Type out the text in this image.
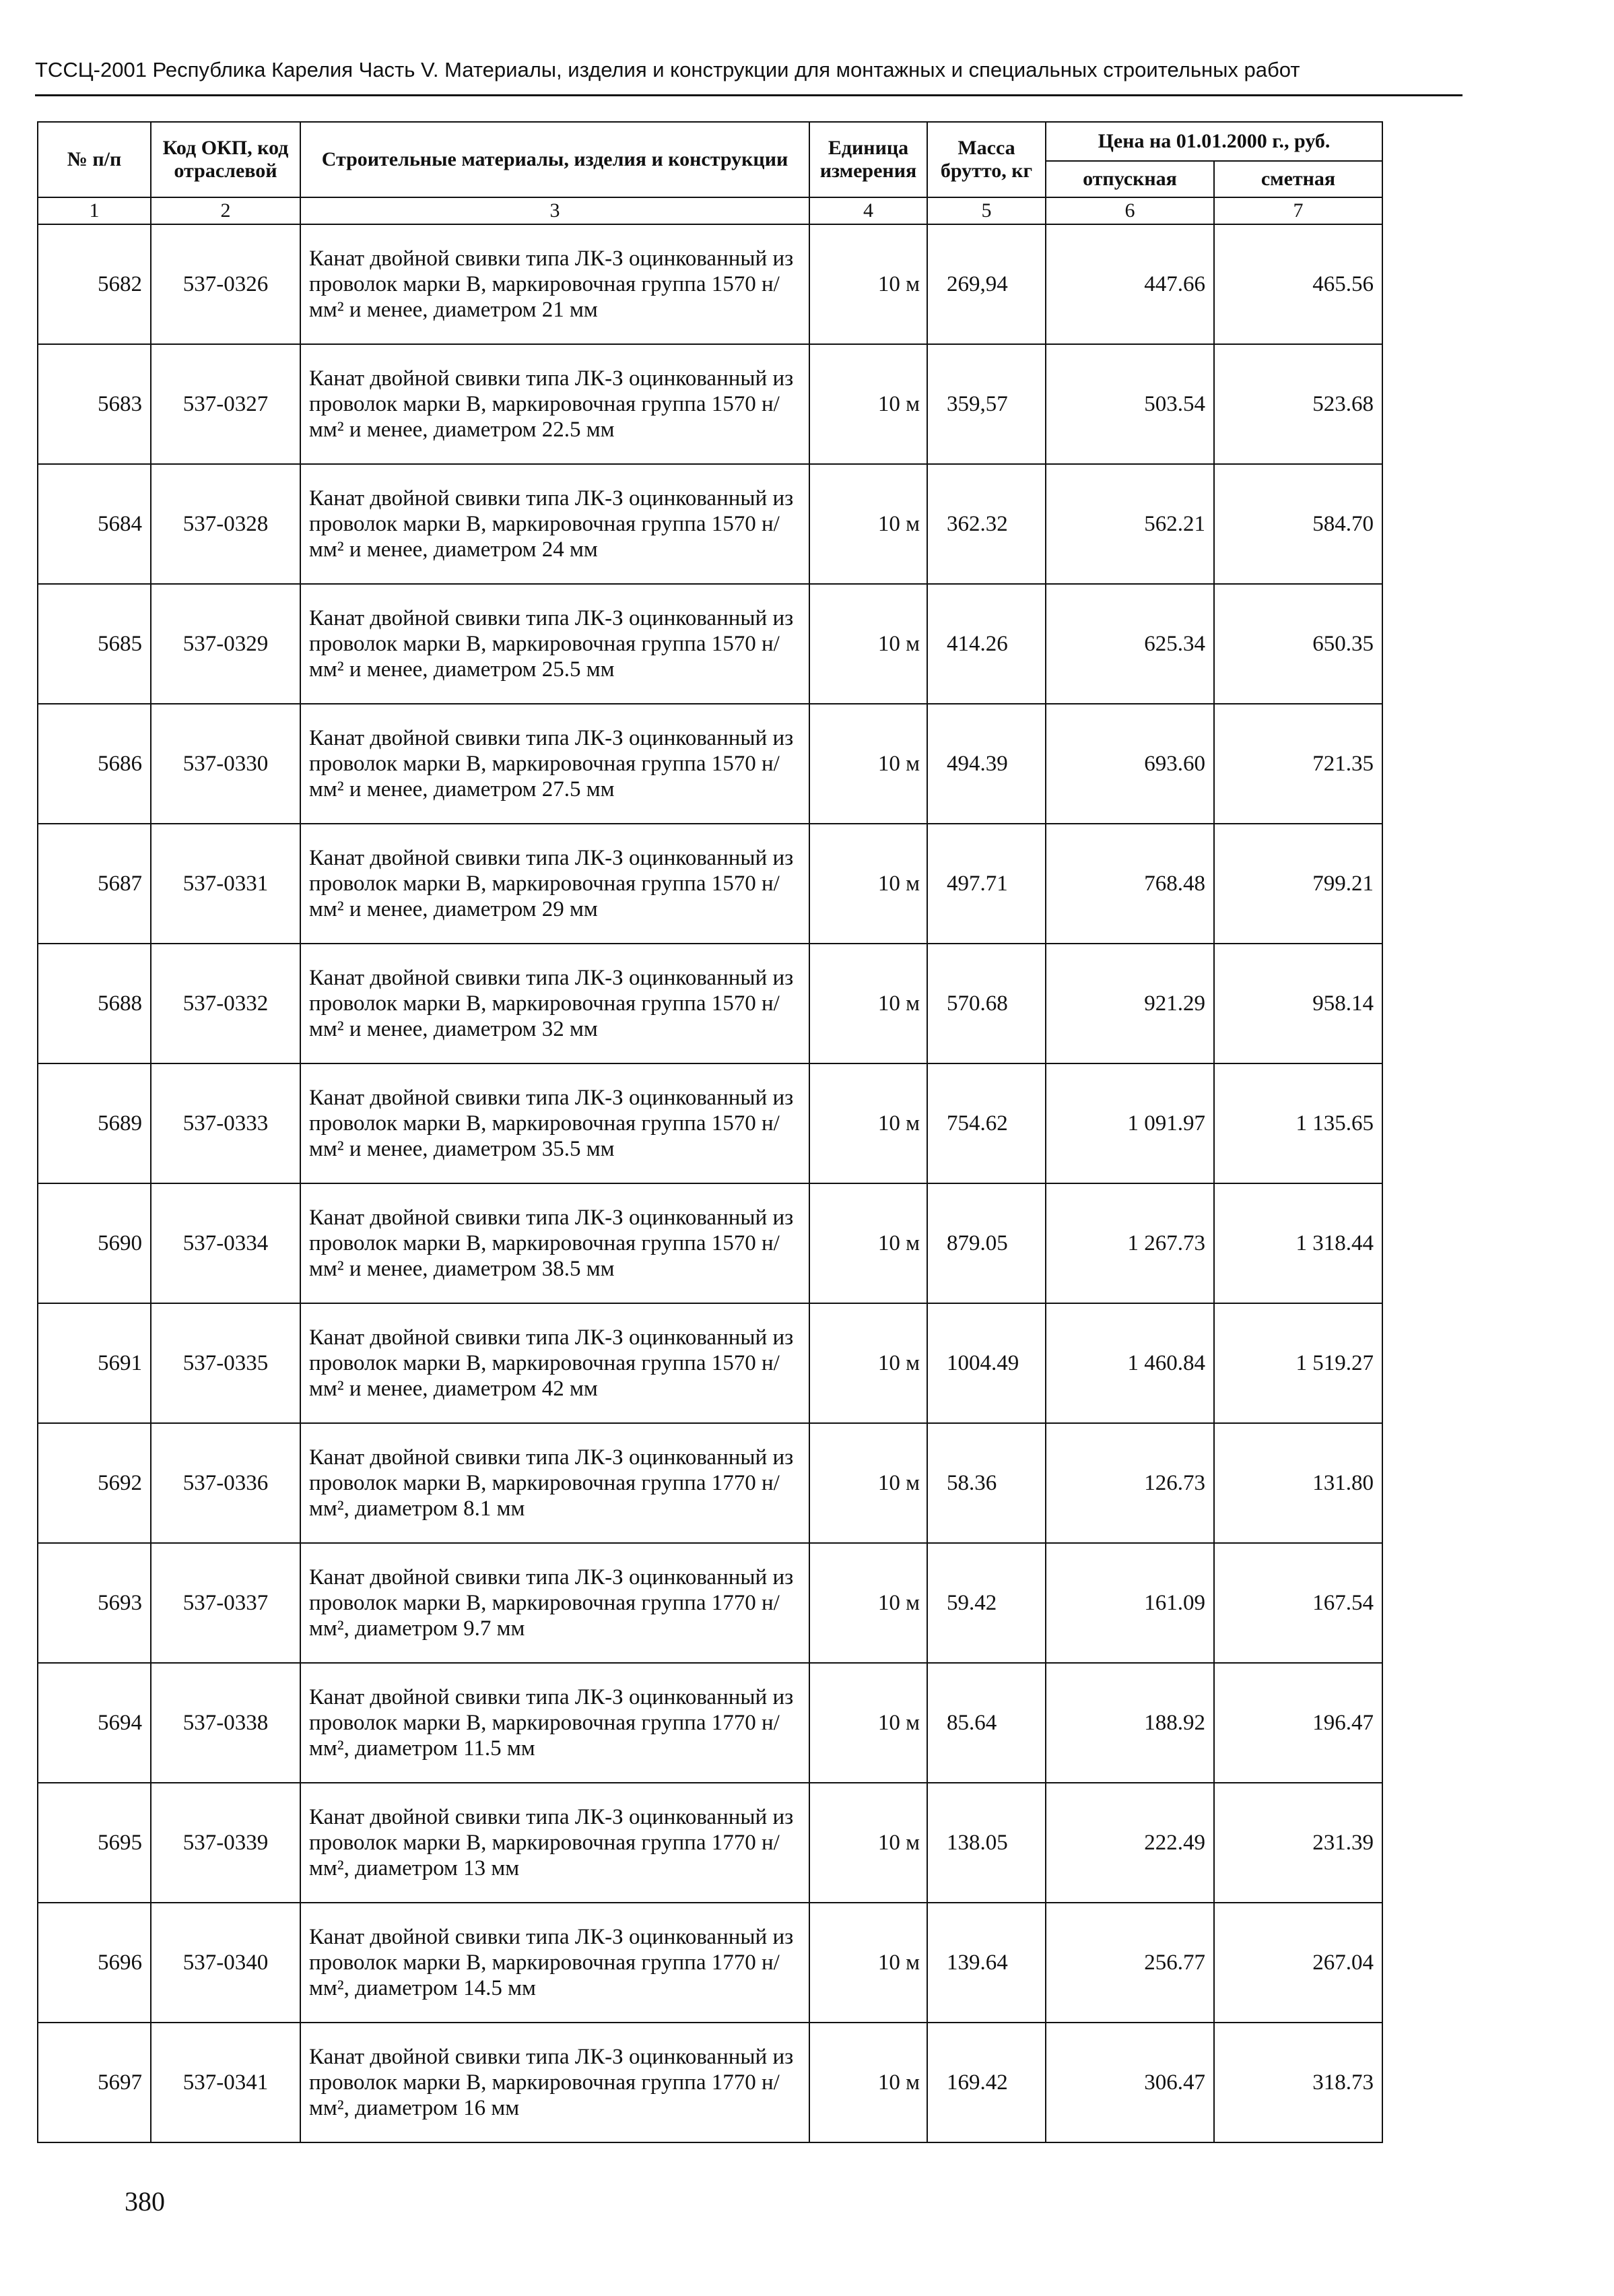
ТССЦ-2001 Республика Карелия Часть V. Материалы, изделия и конструкции для монтажных и специальных строительных работ
№ п/п	Код ОКП, код отраслевой	Строительные материалы, изделия и конструкции	Единица измерения	Масса брутто, кг	Цена на 01.01.2000 г., руб.	
					отпускная	сметная
1	2	3	4	5	6	7
5682	537-0326	Канат двойной свивки типа ЛК-З оцинкованный из проволок марки В, маркировочная группа 1570 н/мм² и менее, диаметром 21 мм	10 м	269,94	447.66	465.56
5683	537-0327	Канат двойной свивки типа ЛК-З оцинкованный из проволок марки В, маркировочная группа 1570 н/мм² и менее, диаметром 22.5 мм	10 м	359,57	503.54	523.68
5684	537-0328	Канат двойной свивки типа ЛК-З оцинкованный из проволок марки В, маркировочная группа 1570 н/мм² и менее, диаметром 24 мм	10 м	362.32	562.21	584.70
5685	537-0329	Канат двойной свивки типа ЛК-З оцинкованный из проволок марки В, маркировочная группа 1570 н/мм² и менее, диаметром 25.5 мм	10 м	414.26	625.34	650.35
5686	537-0330	Канат двойной свивки типа ЛК-З оцинкованный из проволок марки В, маркировочная группа 1570 н/мм² и менее, диаметром 27.5 мм	10 м	494.39	693.60	721.35
5687	537-0331	Канат двойной свивки типа ЛК-З оцинкованный из проволок марки В, маркировочная группа 1570 н/мм² и менее, диаметром 29 мм	10 м	497.71	768.48	799.21
5688	537-0332	Канат двойной свивки типа ЛК-З оцинкованный из проволок марки В, маркировочная группа 1570 н/мм² и менее, диаметром 32 мм	10 м	570.68	921.29	958.14
5689	537-0333	Канат двойной свивки типа ЛК-З оцинкованный из проволок марки В, маркировочная группа 1570 н/мм² и менее, диаметром 35.5 мм	10 м	754.62	1 091.97	1 135.65
5690	537-0334	Канат двойной свивки типа ЛК-З оцинкованный из проволок марки В, маркировочная группа 1570 н/мм² и менее, диаметром 38.5 мм	10 м	879.05	1 267.73	1 318.44
5691	537-0335	Канат двойной свивки типа ЛК-З оцинкованный из проволок марки В, маркировочная группа 1570 н/мм² и менее, диаметром 42 мм	10 м	1004.49	1 460.84	1 519.27
5692	537-0336	Канат двойной свивки типа ЛК-З оцинкованный из проволок марки В, маркировочная группа 1770 н/мм², диаметром 8.1 мм	10 м	58.36	126.73	131.80
5693	537-0337	Канат двойной свивки типа ЛК-З оцинкованный из проволок марки В, маркировочная группа 1770 н/мм², диаметром 9.7 мм	10 м	59.42	161.09	167.54
5694	537-0338	Канат двойной свивки типа ЛК-З оцинкованный из проволок марки В, маркировочная группа 1770 н/мм², диаметром 11.5 мм	10 м	85.64	188.92	196.47
5695	537-0339	Канат двойной свивки типа ЛК-З оцинкованный из проволок марки В, маркировочная группа 1770 н/мм², диаметром 13 мм	10 м	138.05	222.49	231.39
5696	537-0340	Канат двойной свивки типа ЛК-З оцинкованный из проволок марки В, маркировочная группа 1770 н/мм², диаметром 14.5 мм	10 м	139.64	256.77	267.04
5697	537-0341	Канат двойной свивки типа ЛК-З оцинкованный из проволок марки В, маркировочная группа 1770 н/мм², диаметром 16 мм	10 м	169.42	306.47	318.73
380
